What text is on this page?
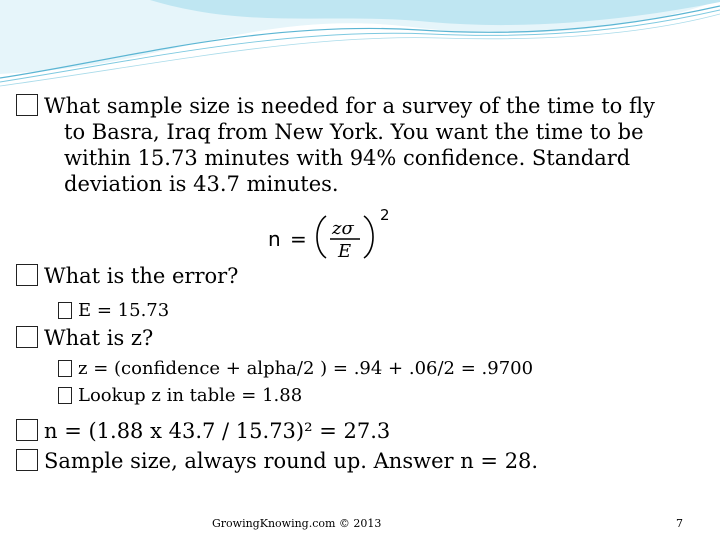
What sample size is needed for a survey of the time to fly
to Basra, Iraq from New York. You want the time to be
within 15.73 minutes with 94% confidence. Standard
deviation is 43.7 minutes.
n = zσ
E
2
What is the error?
E = 15.73
What is z?
z = (confidence + alpha/2 ) = .94 + .06/2 = .9700
Lookup z in table = 1.88
n = (1.88 x 43.7 / 15.73)² = 27.3
Sample size, always round up. Answer n = 28.
GrowingKnowing.com © 2013	7
